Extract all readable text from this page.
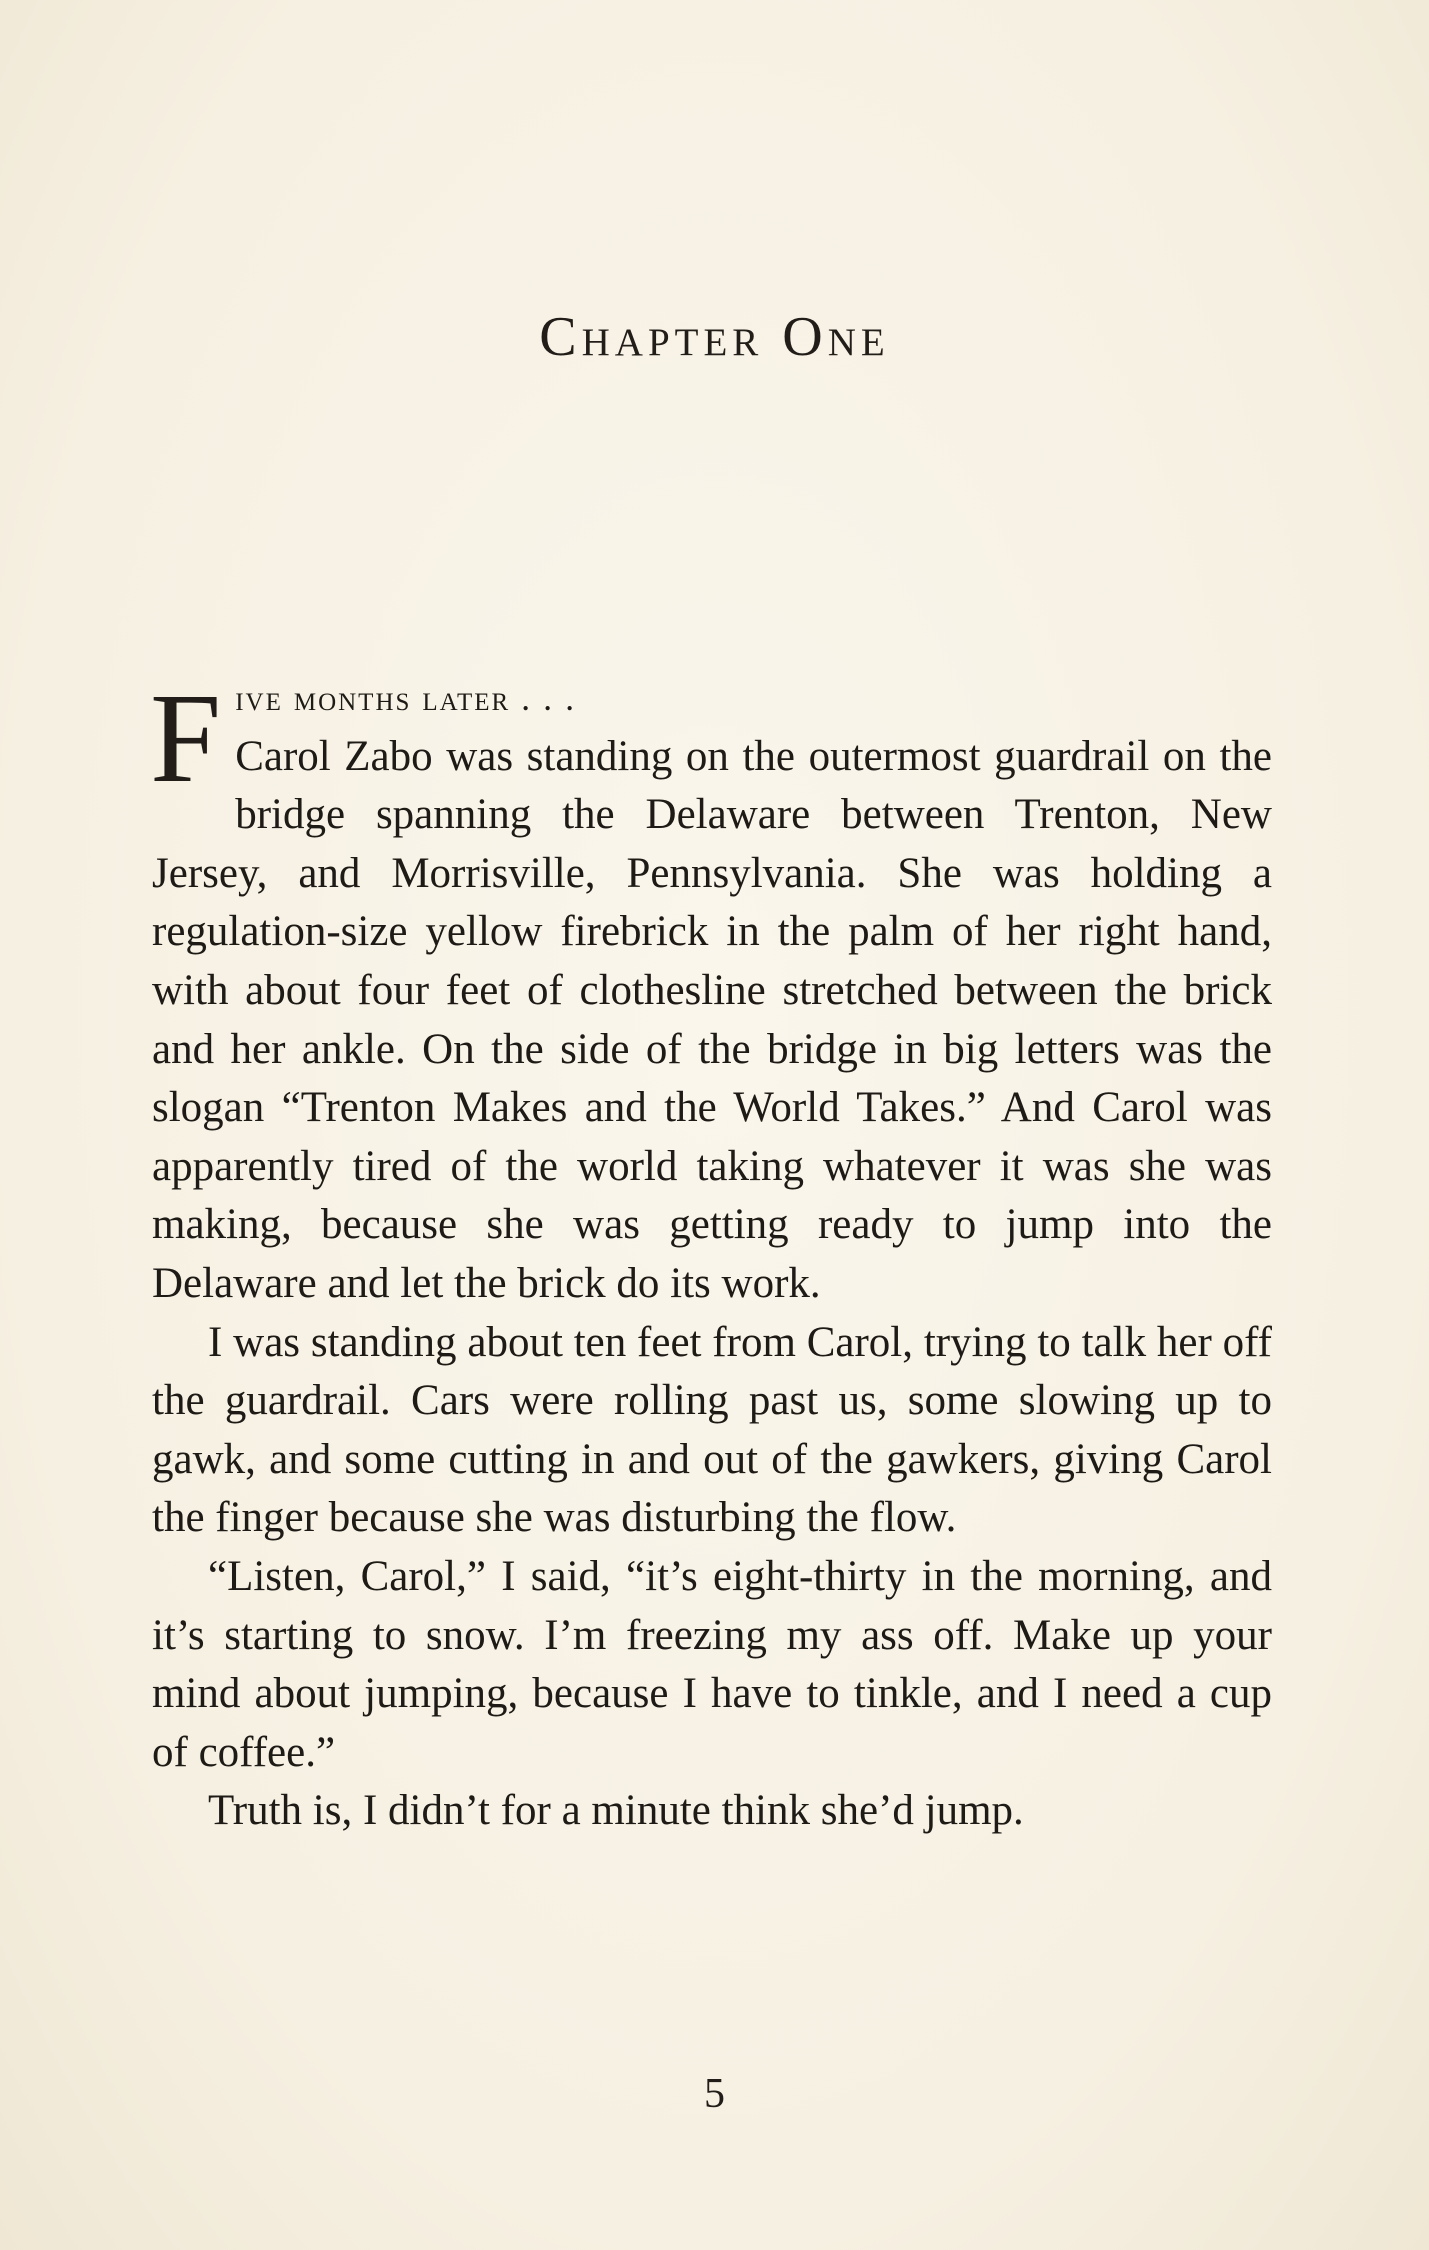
Chapter One

Five months later . . .
Carol Zabo was standing on the outermost guardrail on the bridge spanning the Delaware between Trenton, New Jersey, and Morrisville, Pennsylvania. She was holding a regulation-size yellow firebrick in the palm of her right hand, with about four feet of clothesline stretched between the brick and her ankle. On the side of the bridge in big letters was the slogan “Trenton Makes and the World Takes.” And Carol was apparently tired of the world taking whatever it was she was making, because she was getting ready to jump into the Delaware and let the brick do its work.

I was standing about ten feet from Carol, trying to talk her off the guardrail. Cars were rolling past us, some slowing up to gawk, and some cutting in and out of the gawkers, giving Carol the finger because she was disturbing the flow.

“Listen, Carol,” I said, “it’s eight-thirty in the morning, and it’s starting to snow. I’m freezing my ass off. Make up your mind about jumping, because I have to tinkle, and I need a cup of coffee.”

Truth is, I didn’t for a minute think she’d jump.

5
